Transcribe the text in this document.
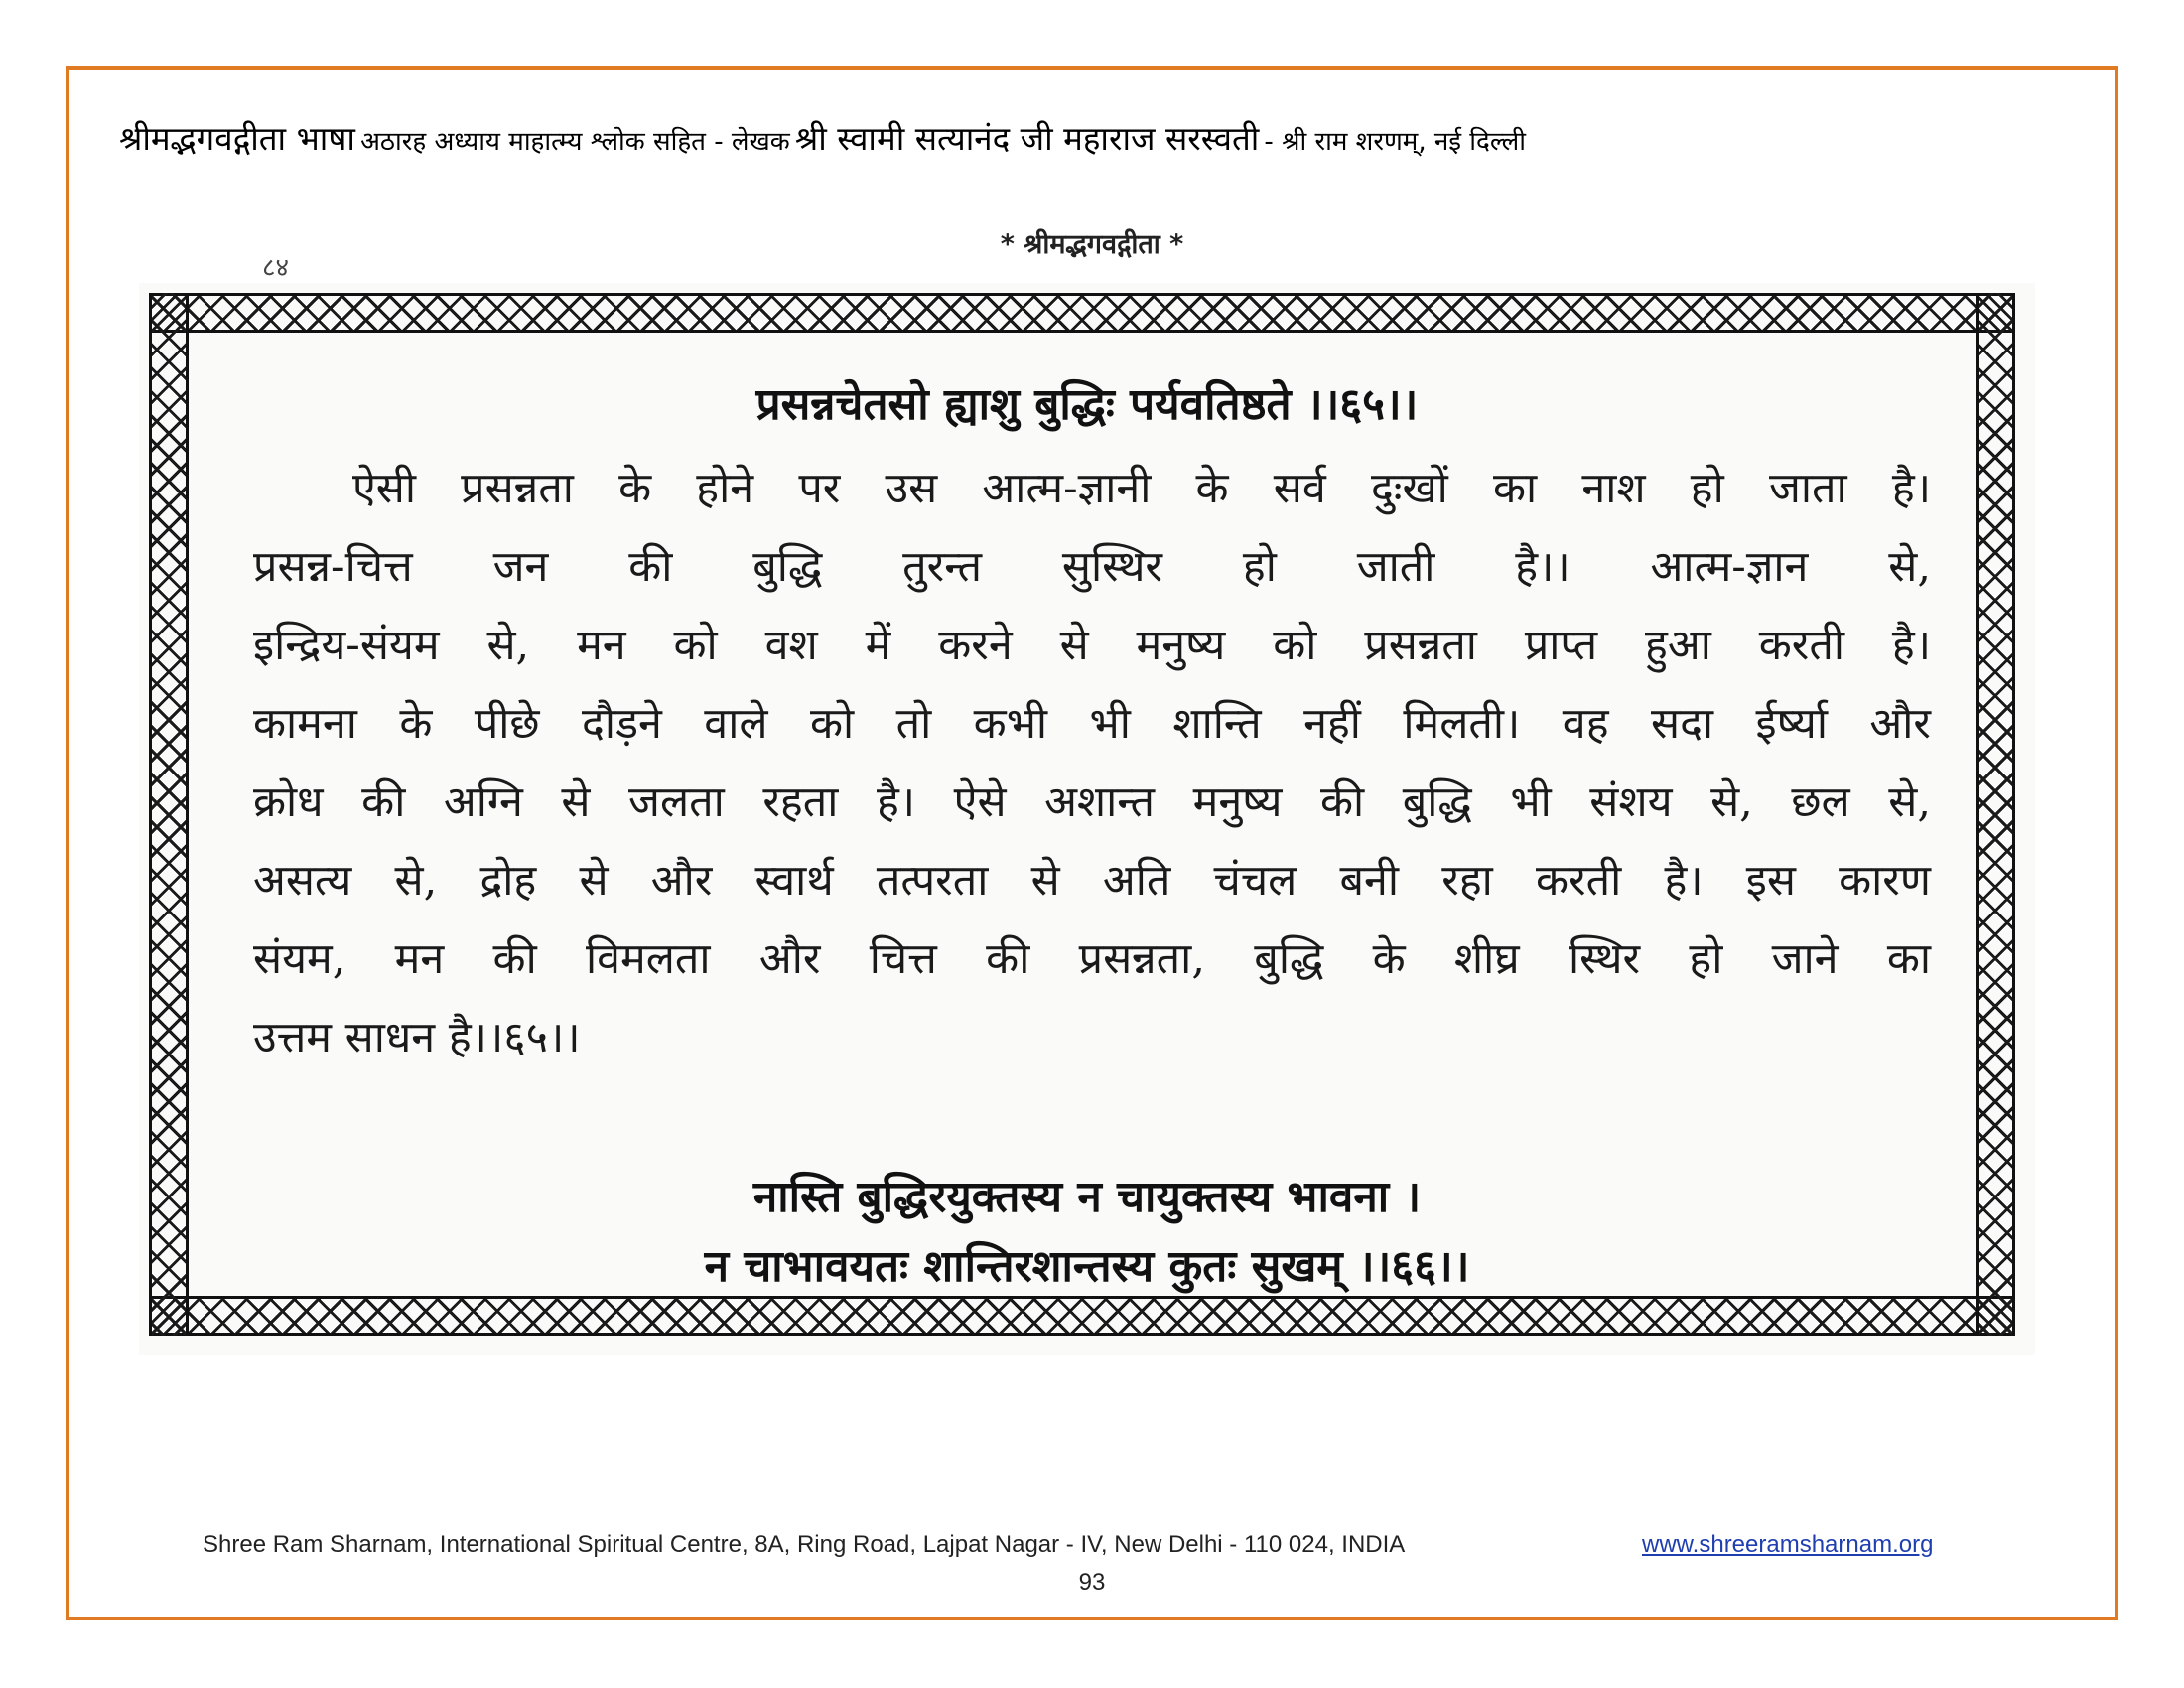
श्रीमद्भगवद्गीता भाषा
अठारह अध्याय माहात्म्य श्लोक सहित - लेखक
श्री स्वामी सत्यानंद जी महाराज सरस्वती
- श्री राम शरणम्, नई दिल्ली
* श्रीमद्भगवद्गीता *
८४
प्रसन्नचेतसो ह्याशु बुद्धिः पर्यवतिष्ठते ।।६५।।
ऐसी प्रसन्नता के होने पर उस आत्म-ज्ञानी के सर्व दुःखों का नाश हो जाता है।
प्रसन्न-चित्त जन की बुद्धि तुरन्त सुस्थिर हो जाती है।। आत्म-ज्ञान से,
इन्द्रिय-संयम से, मन को वश में करने से मनुष्य को प्रसन्नता प्राप्त हुआ करती है।
कामना के पीछे दौड़ने वाले को तो कभी भी शान्ति नहीं मिलती। वह सदा ईर्ष्या और
क्रोध की अग्नि से जलता रहता है। ऐसे अशान्त मनुष्य की बुद्धि भी संशय से, छल से,
असत्य से, द्रोह से और स्वार्थ तत्परता से अति चंचल बनी रहा करती है। इस कारण
संयम, मन की विमलता और चित्त की प्रसन्नता, बुद्धि के शीघ्र स्थिर हो जाने का
उत्तम साधन है।।६५।।
नास्ति बुद्धिरयुक्तस्य न चायुक्तस्य भावना ।
न चाभावयतः शान्तिरशान्तस्य कुतः सुखम् ।।६६।।
Shree Ram Sharnam, International Spiritual Centre, 8A, Ring Road, Lajpat Nagar - IV, New Delhi - 110 024, INDIA	www.shreeramsharnam.org
93
